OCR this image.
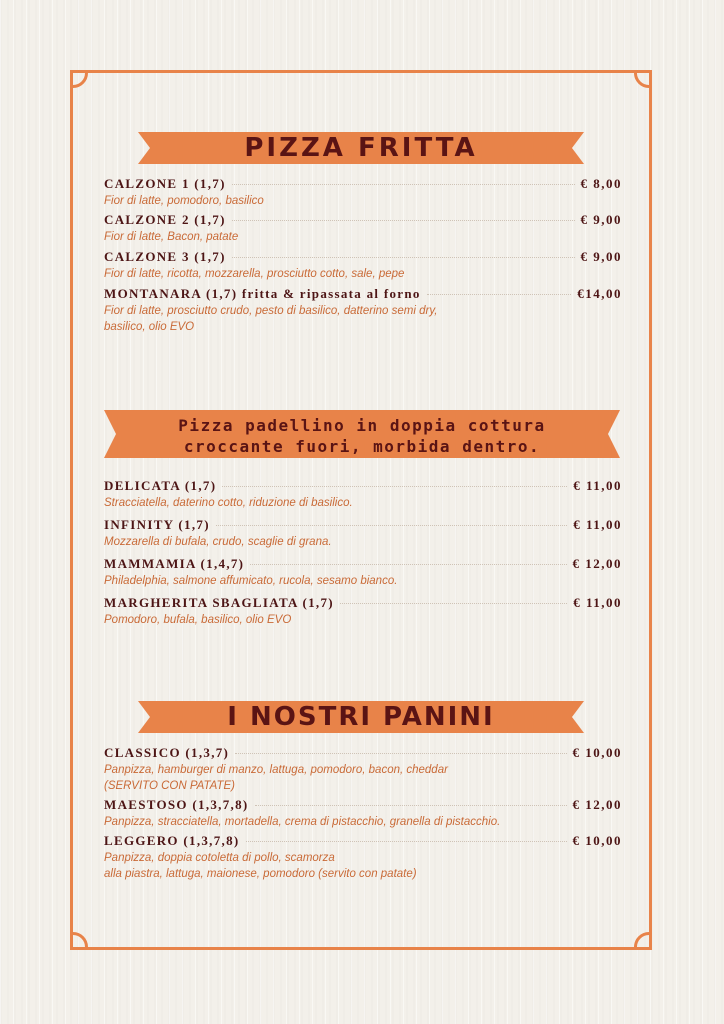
PIZZA FRITTA
Pizza padellino in doppia cottura
croccante fuori, morbida dentro.
I NOSTRI PANINI
CALZONE 1 (1,7)	€ 8,00
Fior di latte, pomodoro, basilico
CALZONE 2 (1,7)	€ 9,00
Fior di latte, Bacon, patate
CALZONE 3 (1,7)	€ 9,00
Fior di latte, ricotta, mozzarella, prosciutto cotto, sale, pepe
MONTANARA (1,7) fritta & ripassata al forno	€14,00
Fior di latte, prosciutto crudo, pesto di basilico, datterino semi dry,
basilico, olio EVO
DELICATA (1,7)	€ 11,00
Stracciatella, daterino cotto, riduzione di basilico.
INFINITY (1,7)	€ 11,00
Mozzarella di bufala, crudo, scaglie di grana.
MAMMAMIA (1,4,7)	€ 12,00
Philadelphia, salmone affumicato, rucola, sesamo bianco.
MARGHERITA SBAGLIATA (1,7)	€ 11,00
Pomodoro, bufala, basilico, olio EVO
CLASSICO (1,3,7)	€ 10,00
Panpizza, hamburger di manzo, lattuga, pomodoro, bacon, cheddar
(SERVITO CON PATATE)
MAESTOSO (1,3,7,8)	€ 12,00
Panpizza, stracciatella, mortadella, crema di pistacchio, granella di pistacchio.
LEGGERO (1,3,7,8)	€ 10,00
Panpizza, doppia cotoletta di pollo, scamorza
alla piastra, lattuga, maionese, pomodoro (servito con patate)
